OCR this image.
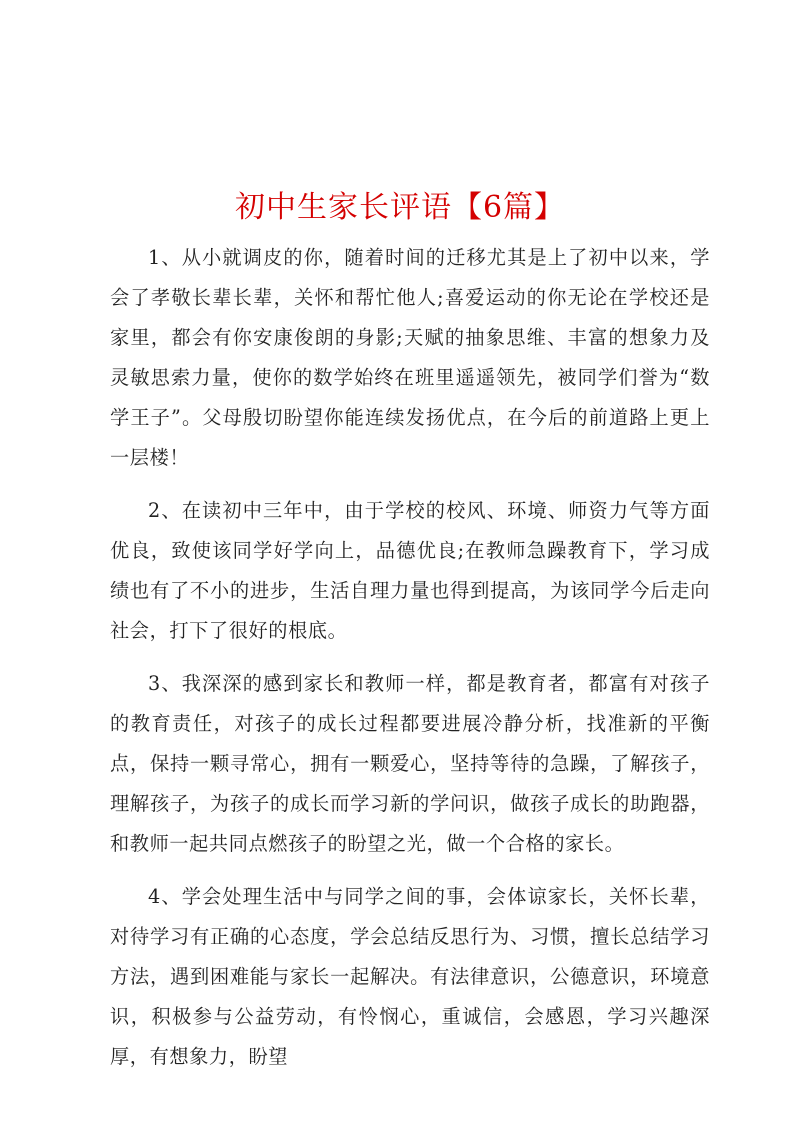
初中生家长评语【6篇】

1、从小就调皮的你，随着时间的迁移尤其是上了初中以来，学会了孝敬长辈长辈，关怀和帮忙他人;喜爱运动的你无论在学校还是家里，都会有你安康俊朗的身影;天赋的抽象思维、丰富的想象力及灵敏思索力量，使你的数学始终在班里遥遥领先，被同学们誉为“数学王子”。父母殷切盼望你能连续发扬优点，在今后的前道路上更上一层楼！

2、在读初中三年中，由于学校的校风、环境、师资力气等方面优良，致使该同学好学向上，品德优良;在教师急躁教育下，学习成绩也有了不小的进步，生活自理力量也得到提高，为该同学今后走向社会，打下了很好的根底。

3、我深深的感到家长和教师一样，都是教育者，都富有对孩子的教育责任，对孩子的成长过程都要进展冷静分析，找准新的平衡点，保持一颗寻常心，拥有一颗爱心，坚持等待的急躁，了解孩子，理解孩子，为孩子的成长而学习新的学问识，做孩子成长的助跑器，和教师一起共同点燃孩子的盼望之光，做一个合格的家长。

4、学会处理生活中与同学之间的事，会体谅家长，关怀长辈，对待学习有正确的心态度，学会总结反思行为、习惯，擅长总结学习方法，遇到困难能与家长一起解决。有法律意识，公德意识，环境意识，积极参与公益劳动，有怜悯心，重诚信，会感恩，学习兴趣深厚，有想象力，盼望
